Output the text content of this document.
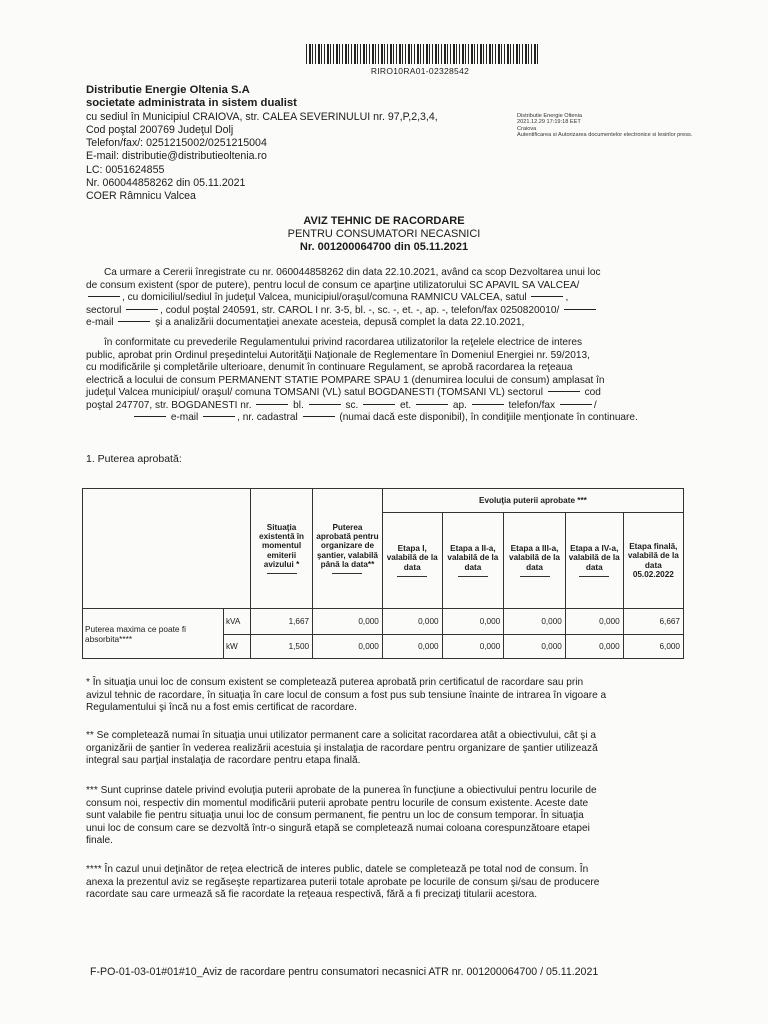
RIRO10RA01-02328542
Distributie Energie Oltenia S.A
societate administrata in sistem dualist
cu sediul în Municipiul CRAIOVA, str. CALEA SEVERINULUI nr. 97,P,2,3,4,
Cod poştal 200769 Judeţul Dolj
Telefon/fax/: 0251215002/0251215004
E-mail: distributie@distributieoltenia.ro
LC: 0051624855
Nr. 060044858262 din 05.11.2021
COER Râmnicu Valcea
Distributie Energie Oltenia
2021.12.29 17:19:18 EET
Craiova
Autentificarea si Autorizarea documentelor electronice si lesirilor press.
AVIZ TEHNIC DE RACORDARE
PENTRU CONSUMATORI NECASNICI
Nr. 001200064700 din 05.11.2021
Ca urmare a Cererii înregistrate cu nr. 060044858262 din data 22.10.2021, având ca scop Dezvoltarea unui loc
de consum existent (spor de putere), pentru locul de consum ce aparţine utilizatorului SC APAVIL SA VALCEA/
, cu domiciliul/sediul în judeţul Valcea, municipiul/oraşul/comuna RAMNICU VALCEA, satul	,
sectorul	, codul poştal 240591, str. CAROL I nr. 3-5, bl. -, sc. -, et. -, ap. -, telefon/fax 0250820010/
e-mail	şi a analizării documentaţiei anexate acesteia, depusă complet la data 22.10.2021,
în conformitate cu prevederile Regulamentului privind racordarea utilizatorilor la reţelele electrice de interes
public, aprobat prin Ordinul preşedintelui Autorităţii Naţionale de Reglementare în Domeniul Energiei nr. 59/2013,
cu modificările şi completările ulterioare, denumit în continuare Regulament, se aprobă racordarea la reţeaua
electrică a locului de consum PERMANENT STATIE POMPARE SPAU 1 (denumirea locului de consum) amplasat în
judeţul Valcea municipiul/ oraşul/ comuna TOMSANI (VL) satul BOGDANESTI (TOMSANI VL) sectorul	cod
poştal 247707, str. BOGDANESTI nr.	bl.	sc.	et.	ap.	telefon/fax	/
e-mail	, nr. cadastral	(numai dacă este disponibil), în condiţiile menţionate în continuare.
1. Puterea aprobată:
		Situaţia existentă în momentul emiterii avizului *	Puterea aprobată pentru organizare de şantier, valabilă până la data**	Evoluţia puterii aprobate ***				
				Etapa I, valabilă de la data	Etapa a II-a, valabilă de la data	Etapa a III-a, valabilă de la data	Etapa a IV-a, valabilă de la data	Etapa finală, valabilă de la data 05.02.2022
Puterea maxima ce poate fi absorbita****	kVA	1,667	0,000	0,000	0,000	0,000	0,000	6,667
	kW	1,500	0,000	0,000	0,000	0,000	0,000	6,000
* În situaţia unui loc de consum existent se completează puterea aprobată prin certificatul de racordare sau prin
avizul tehnic de racordare, în situaţia în care locul de consum a fost pus sub tensiune înainte de intrarea în vigoare a
Regulamentului şi încă nu a fost emis certificat de racordare.
** Se completează numai în situaţia unui utilizator permanent care a solicitat racordarea atât a obiectivului, cât şi a
organizării de şantier în vederea realizării acestuia şi instalaţia de racordare pentru organizare de şantier utilizează
integral sau parţial instalaţia de racordare pentru etapa finală.
*** Sunt cuprinse datele privind evoluţia puterii aprobate de la punerea în funcţiune a obiectivului pentru locurile de
consum noi, respectiv din momentul modificării puterii aprobate pentru locurile de consum existente. Aceste date
sunt valabile fie pentru situaţia unui loc de consum permanent, fie pentru un loc de consum temporar. În situaţia
unui loc de consum care se dezvoltă într-o singură etapă se completează numai coloana corespunzătoare etapei
finale.
**** În cazul unui deţinător de reţea electrică de interes public, datele se completează pe total nod de consum. În
anexa la prezentul aviz se regăseşte repartizarea puterii totale aprobate pe locurile de consum şi/sau de producere
racordate sau care urmează să fie racordate la reţeaua respectivă, fără a fi precizaţi titularii acestora.
F-PO-01-03-01#01#10_Aviz de racordare pentru consumatori necasnici ATR nr. 001200064700 / 05.11.2021
